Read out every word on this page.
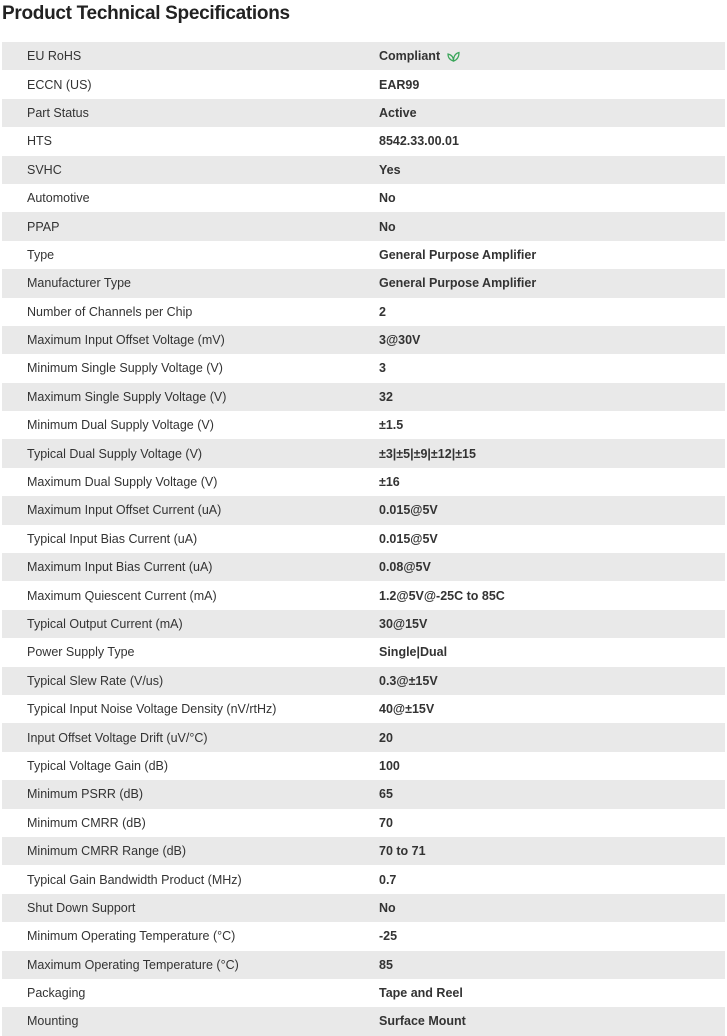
Product Technical Specifications
EU RoHS	Compliant
ECCN (US)	EAR99
Part Status	Active
HTS	8542.33.00.01
SVHC	Yes
Automotive	No
PPAP	No
Type	General Purpose Amplifier
Manufacturer Type	General Purpose Amplifier
Number of Channels per Chip	2
Maximum Input Offset Voltage (mV)	3@30V
Minimum Single Supply Voltage (V)	3
Maximum Single Supply Voltage (V)	32
Minimum Dual Supply Voltage (V)	±1.5
Typical Dual Supply Voltage (V)	±3|±5|±9|±12|±15
Maximum Dual Supply Voltage (V)	±16
Maximum Input Offset Current (uA)	0.015@5V
Typical Input Bias Current (uA)	0.015@5V
Maximum Input Bias Current (uA)	0.08@5V
Maximum Quiescent Current (mA)	1.2@5V@-25C to 85C
Typical Output Current (mA)	30@15V
Power Supply Type	Single|Dual
Typical Slew Rate (V/us)	0.3@±15V
Typical Input Noise Voltage Density (nV/rtHz)	40@±15V
Input Offset Voltage Drift (uV/°C)	20
Typical Voltage Gain (dB)	100
Minimum PSRR (dB)	65
Minimum CMRR (dB)	70
Minimum CMRR Range (dB)	70 to 71
Typical Gain Bandwidth Product (MHz)	0.7
Shut Down Support	No
Minimum Operating Temperature (°C)	-25
Maximum Operating Temperature (°C)	85
Packaging	Tape and Reel
Mounting	Surface Mount
